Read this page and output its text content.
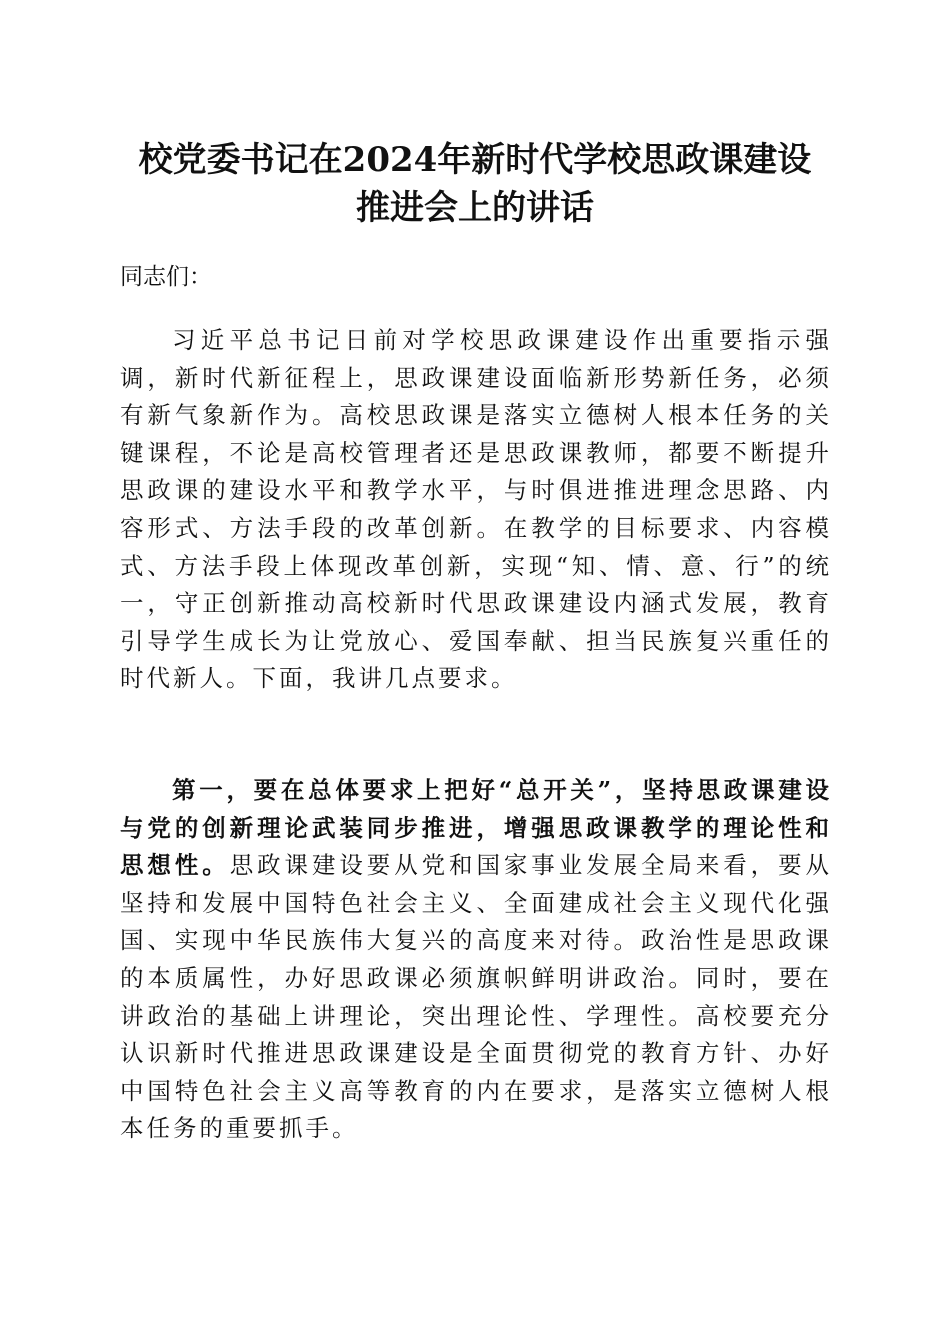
校党委书记在2024年新时代学校思政课建设
推进会上的讲话

同志们：

习近平总书记日前对学校思政课建设作出重要指示强调，新时代新征程上，思政课建设面临新形势新任务，必须有新气象新作为。高校思政课是落实立德树人根本任务的关键课程，不论是高校管理者还是思政课教师，都要不断提升思政课的建设水平和教学水平，与时俱进推进理念思路、内容形式、方法手段的改革创新。在教学的目标要求、内容模式、方法手段上体现改革创新，实现“知、情、意、行”的统一，守正创新推动高校新时代思政课建设内涵式发展，教育引导学生成长为让党放心、爱国奉献、担当民族复兴重任的时代新人。下面，我讲几点要求。

第一，要在总体要求上把好“总开关”，坚持思政课建设与党的创新理论武装同步推进，增强思政课教学的理论性和思想性。思政课建设要从党和国家事业发展全局来看，要从坚持和发展中国特色社会主义、全面建成社会主义现代化强国、实现中华民族伟大复兴的高度来对待。政治性是思政课的本质属性，办好思政课必须旗帜鲜明讲政治。同时，要在讲政治的基础上讲理论，突出理论性、学理性。高校要充分认识新时代推进思政课建设是全面贯彻党的教育方针、办好中国特色社会主义高等教育的内在要求，是落实立德树人根本任务的重要抓手。
